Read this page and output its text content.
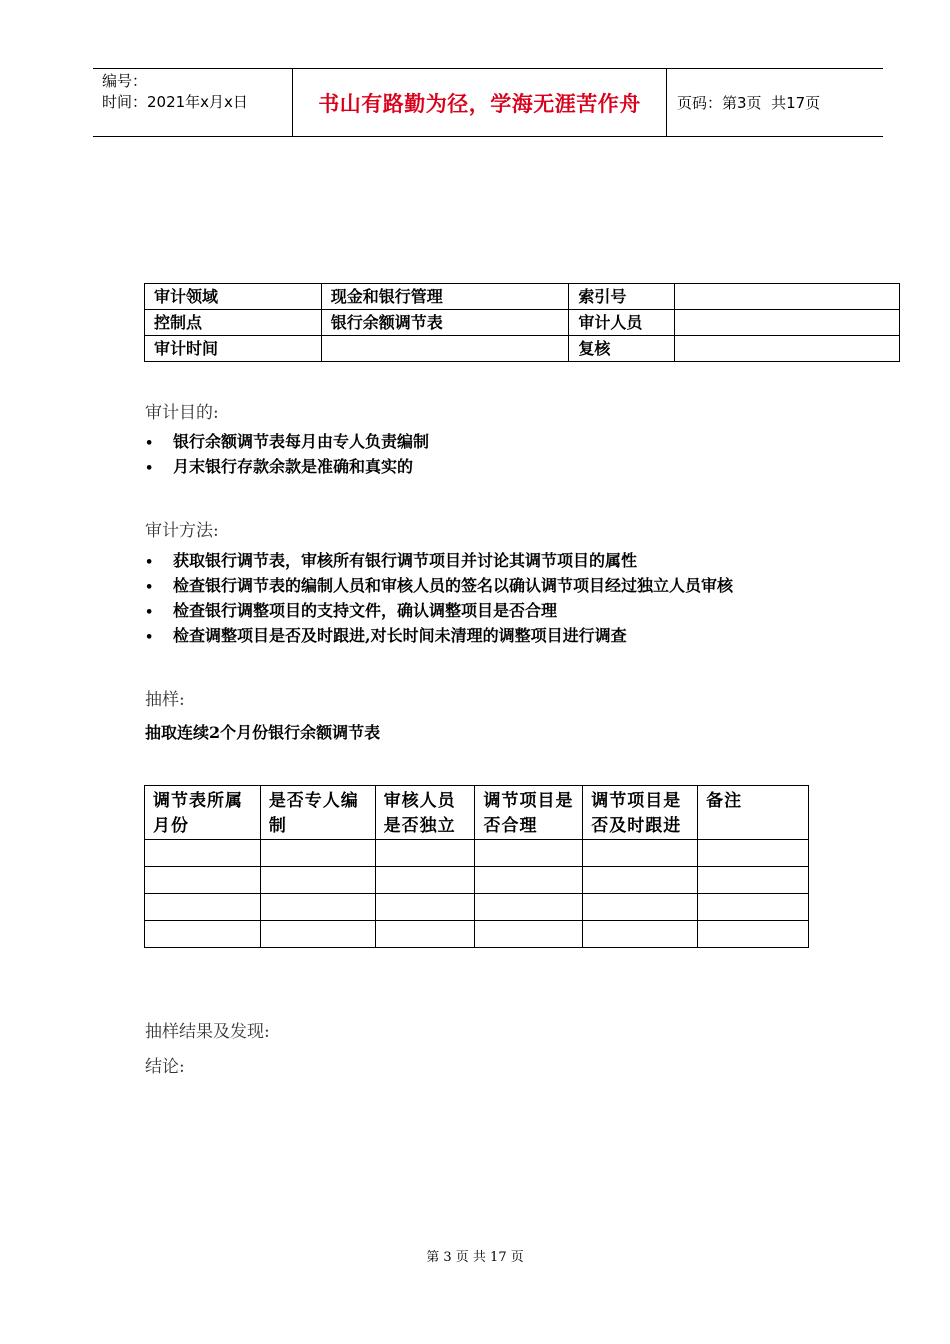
编号：
时间：2021年x月x日	书山有路勤为径，学海无涯苦作舟	页码：第3页  共17页
审计领域	现金和银行管理	索引号	
控制点	银行余额调节表	审计人员	
审计时间		复核	
审计目的:
• 银行余额调节表每月由专人负责编制
• 月末银行存款余款是准确和真实的
审计方法:
• 获取银行调节表，审核所有银行调节项目并讨论其调节项目的属性
• 检查银行调节表的编制人员和审核人员的签名以确认调节项目经过独立人员审核
• 检查银行调整项目的支持文件，确认调整项目是否合理
• 检查调整项目是否及时跟进,对长时间未清理的调整项目进行调查
抽样:
抽取连续2个月份银行余额调节表
调节表所属月份	是否专人编制	审核人员是否独立	调节项目是否合理	调节项目是否及时跟进	备注

抽样结果及发现:
结论:
第 3 页 共 17 页
